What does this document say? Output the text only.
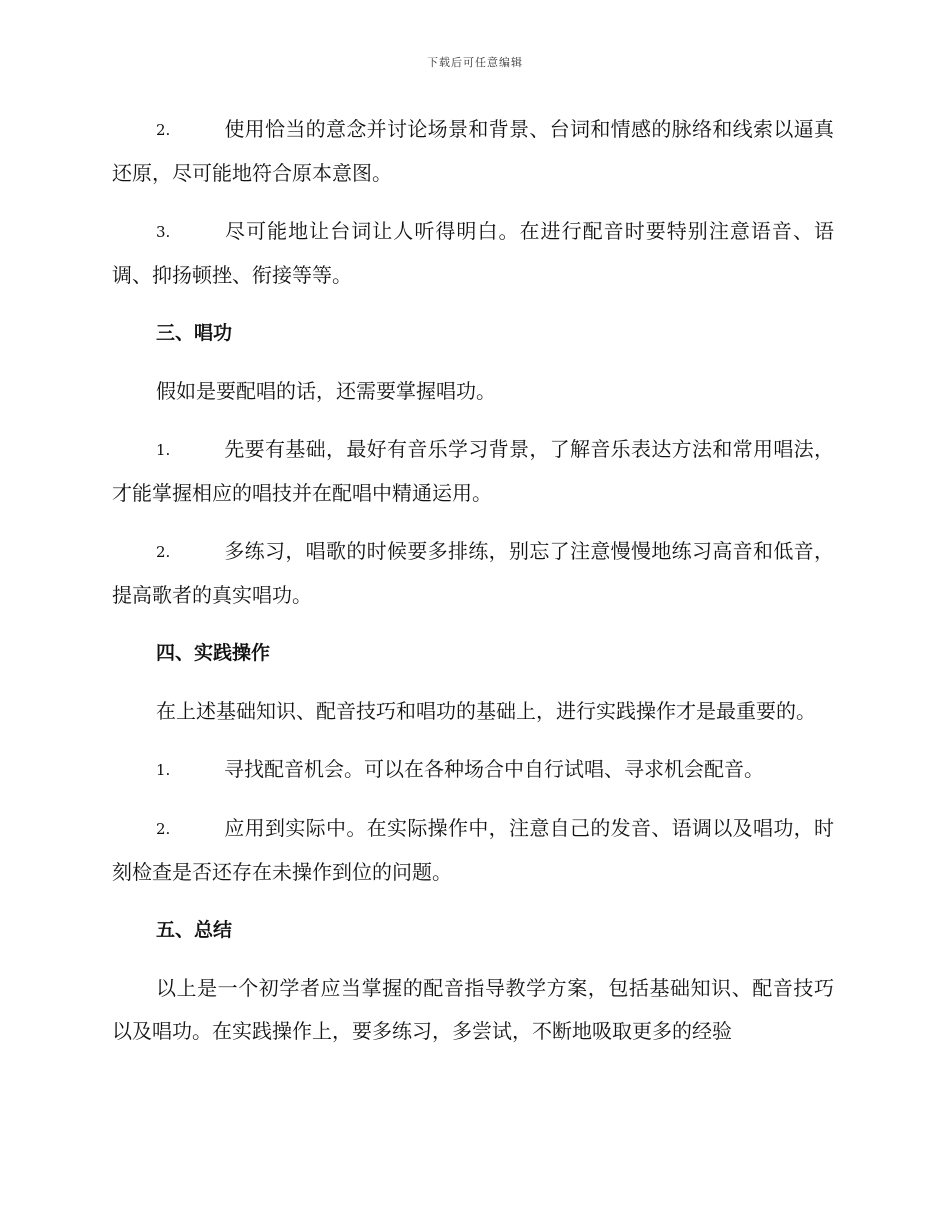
下载后可任意编辑

2.	使用恰当的意念并讨论场景和背景、台词和情感的脉络和线索以逼真还原，尽可能地符合原本意图。

3.	尽可能地让台词让人听得明白。在进行配音时要特别注意语音、语调、抑扬顿挫、衔接等等。

三、唱功

假如是要配唱的话，还需要掌握唱功。

1.	先要有基础，最好有音乐学习背景，了解音乐表达方法和常用唱法，才能掌握相应的唱技并在配唱中精通运用。

2.	多练习，唱歌的时候要多排练，别忘了注意慢慢地练习高音和低音，提高歌者的真实唱功。

四、实践操作

在上述基础知识、配音技巧和唱功的基础上，进行实践操作才是最重要的。

1.	寻找配音机会。可以在各种场合中自行试唱、寻求机会配音。

2.	应用到实际中。在实际操作中，注意自己的发音、语调以及唱功，时刻检查是否还存在未操作到位的问题。

五、总结

以上是一个初学者应当掌握的配音指导教学方案，包括基础知识、配音技巧以及唱功。在实践操作上，要多练习，多尝试，不断地吸取更多的经验
